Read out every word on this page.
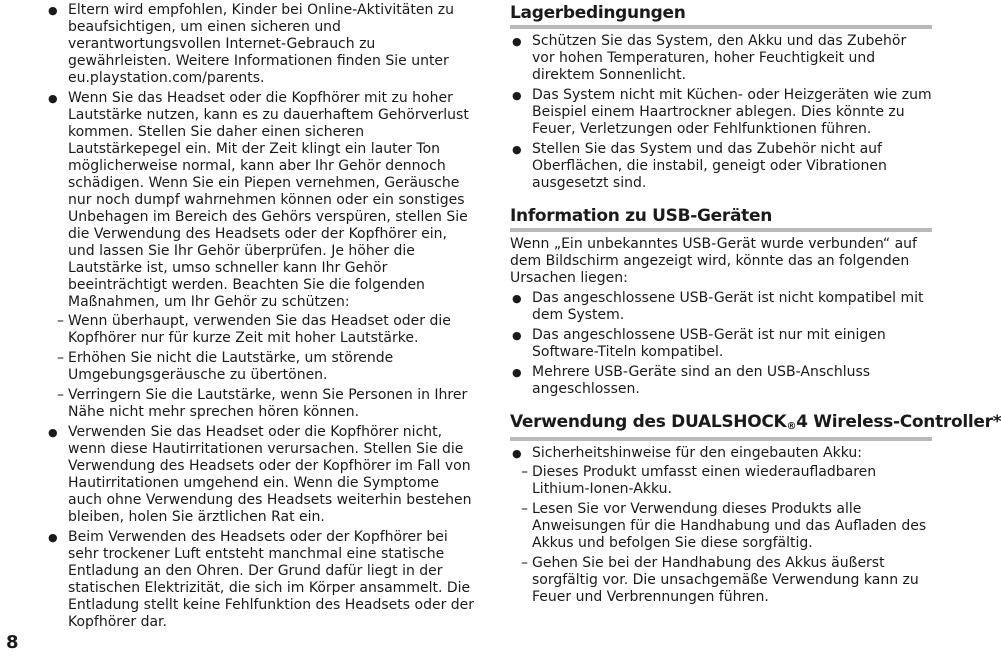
● Eltern wird empfohlen, Kinder bei Online-Aktivitäten zu beaufsichtigen, um einen sicheren und verantwortungsvollen Internet-Gebrauch zu gewährleisten. Weitere Informationen finden Sie unter eu.playstation.com/parents.
● Wenn Sie das Headset oder die Kopfhörer mit zu hoher Lautstärke nutzen, kann es zu dauerhaftem Gehörverlust kommen. Stellen Sie daher einen sicheren Lautstärkepegel ein. Mit der Zeit klingt ein lauter Ton möglicherweise normal, kann aber Ihr Gehör dennoch schädigen. Wenn Sie ein Piepen vernehmen, Geräusche nur noch dumpf wahrnehmen können oder ein sonstiges Unbehagen im Bereich des Gehörs verspüren, stellen Sie die Verwendung des Headsets oder der Kopfhörer ein, und lassen Sie Ihr Gehör überprüfen. Je höher die Lautstärke ist, umso schneller kann Ihr Gehör beeinträchtigt werden. Beachten Sie die folgenden Maßnahmen, um Ihr Gehör zu schützen:
– Wenn überhaupt, verwenden Sie das Headset oder die Kopfhörer nur für kurze Zeit mit hoher Lautstärke.
– Erhöhen Sie nicht die Lautstärke, um störende Umgebungsgeräusche zu übertönen.
– Verringern Sie die Lautstärke, wenn Sie Personen in Ihrer Nähe nicht mehr sprechen hören können.
● Verwenden Sie das Headset oder die Kopfhörer nicht, wenn diese Hautirritationen verursachen. Stellen Sie die Verwendung des Headsets oder der Kopfhörer im Fall von Hautirritationen umgehend ein. Wenn die Symptome auch ohne Verwendung des Headsets weiterhin bestehen bleiben, holen Sie ärztlichen Rat ein.
● Beim Verwenden des Headsets oder der Kopfhörer bei sehr trockener Luft entsteht manchmal eine statische Entladung an den Ohren. Der Grund dafür liegt in der statischen Elektrizität, die sich im Körper ansammelt. Die Entladung stellt keine Fehlfunktion des Headsets oder der Kopfhörer dar.
Lagerbedingungen
● Schützen Sie das System, den Akku und das Zubehör vor hohen Temperaturen, hoher Feuchtigkeit und direktem Sonnenlicht.
● Das System nicht mit Küchen- oder Heizgeräten wie zum Beispiel einem Haartrockner ablegen. Dies könnte zu Feuer, Verletzungen oder Fehlfunktionen führen.
● Stellen Sie das System und das Zubehör nicht auf Oberflächen, die instabil, geneigt oder Vibrationen ausgesetzt sind.
Information zu USB-Geräten

Wenn „Ein unbekanntes USB-Gerät wurde verbunden“ auf dem Bildschirm angezeigt wird, könnte das an folgenden Ursachen liegen:

● Das angeschlossene USB-Gerät ist nicht kompatibel mit dem System.
● Das angeschlossene USB-Gerät ist nur mit einigen Software-Titeln kompatibel.
● Mehrere USB-Geräte sind an den USB-Anschluss angeschlossen.
Verwendung des DUALSHOCK®4 Wireless-Controller*
● Sicherheitshinweise für den eingebauten Akku:
– Dieses Produkt umfasst einen wiederaufladbaren Lithium-Ionen-Akku.
– Lesen Sie vor Verwendung dieses Produkts alle Anweisungen für die Handhabung und das Aufladen des Akkus und befolgen Sie diese sorgfältig.
– Gehen Sie bei der Handhabung des Akkus äußerst sorgfältig vor. Die unsachgemäße Verwendung kann zu Feuer und Verbrennungen führen.
8
